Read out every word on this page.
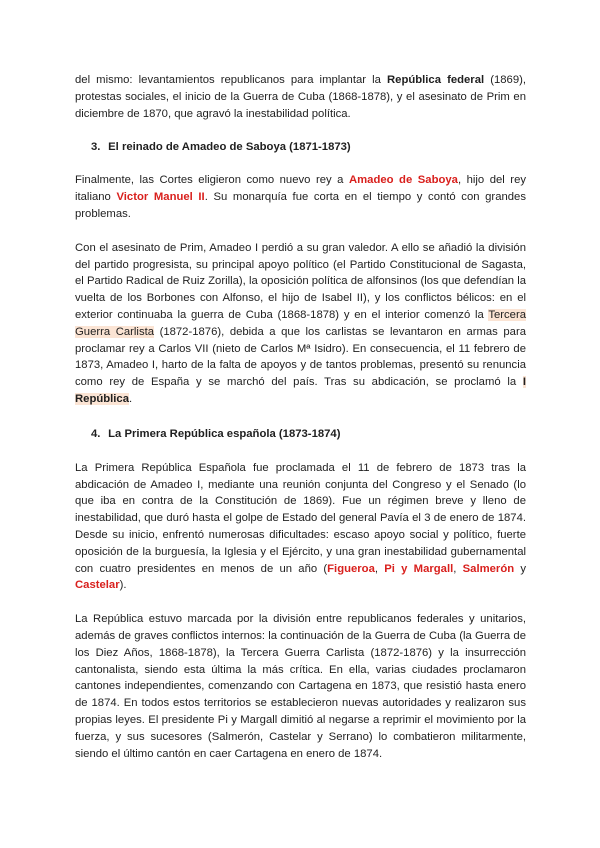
del mismo: levantamientos republicanos para implantar la República federal (1869), protestas sociales, el inicio de la Guerra de Cuba (1868-1878), y el asesinato de Prim en diciembre de 1870, que agravó la inestabilidad política.

3. El reinado de Amadeo de Saboya (1871-1873)

Finalmente, las Cortes eligieron como nuevo rey a Amadeo de Saboya, hijo del rey italiano Victor Manuel II. Su monarquía fue corta en el tiempo y contó con grandes problemas.

Con el asesinato de Prim, Amadeo I perdió a su gran valedor. A ello se añadió la división del partido progresista, su principal apoyo político (el Partido Constitucional de Sagasta, el Partido Radical de Ruiz Zorilla), la oposición política de alfonsinos (los que defendían la vuelta de los Borbones con Alfonso, el hijo de Isabel II), y los conflictos bélicos: en el exterior continuaba la guerra de Cuba (1868-1878) y en el interior comenzó la Tercera Guerra Carlista (1872-1876), debida a que los carlistas se levantaron en armas para proclamar rey a Carlos VII (nieto de Carlos Mª Isidro). En consecuencia, el 11 febrero de 1873, Amadeo I, harto de la falta de apoyos y de tantos problemas, presentó su renuncia como rey de España y se marchó del país. Tras su abdicación, se proclamó la I República.

4. La Primera República española (1873-1874)

La Primera República Española fue proclamada el 11 de febrero de 1873 tras la abdicación de Amadeo I, mediante una reunión conjunta del Congreso y el Senado (lo que iba en contra de la Constitución de 1869). Fue un régimen breve y lleno de inestabilidad, que duró hasta el golpe de Estado del general Pavía el 3 de enero de 1874. Desde su inicio, enfrentó numerosas dificultades: escaso apoyo social y político, fuerte oposición de la burguesía, la Iglesia y el Ejército, y una gran inestabilidad gubernamental con cuatro presidentes en menos de un año (Figueroa, Pi y Margall, Salmerón y Castelar).

La República estuvo marcada por la división entre republicanos federales y unitarios, además de graves conflictos internos: la continuación de la Guerra de Cuba (la Guerra de los Diez Años, 1868-1878), la Tercera Guerra Carlista (1872-1876) y la insurrección cantonalista, siendo esta última la más crítica. En ella, varias ciudades proclamaron cantones independientes, comenzando con Cartagena en 1873, que resistió hasta enero de 1874. En todos estos territorios se establecieron nuevas autoridades y realizaron sus propias leyes. El presidente Pi y Margall dimitió al negarse a reprimir el movimiento por la fuerza, y sus sucesores (Salmerón, Castelar y Serrano) lo combatieron militarmente, siendo el último cantón en caer Cartagena en enero de 1874.
